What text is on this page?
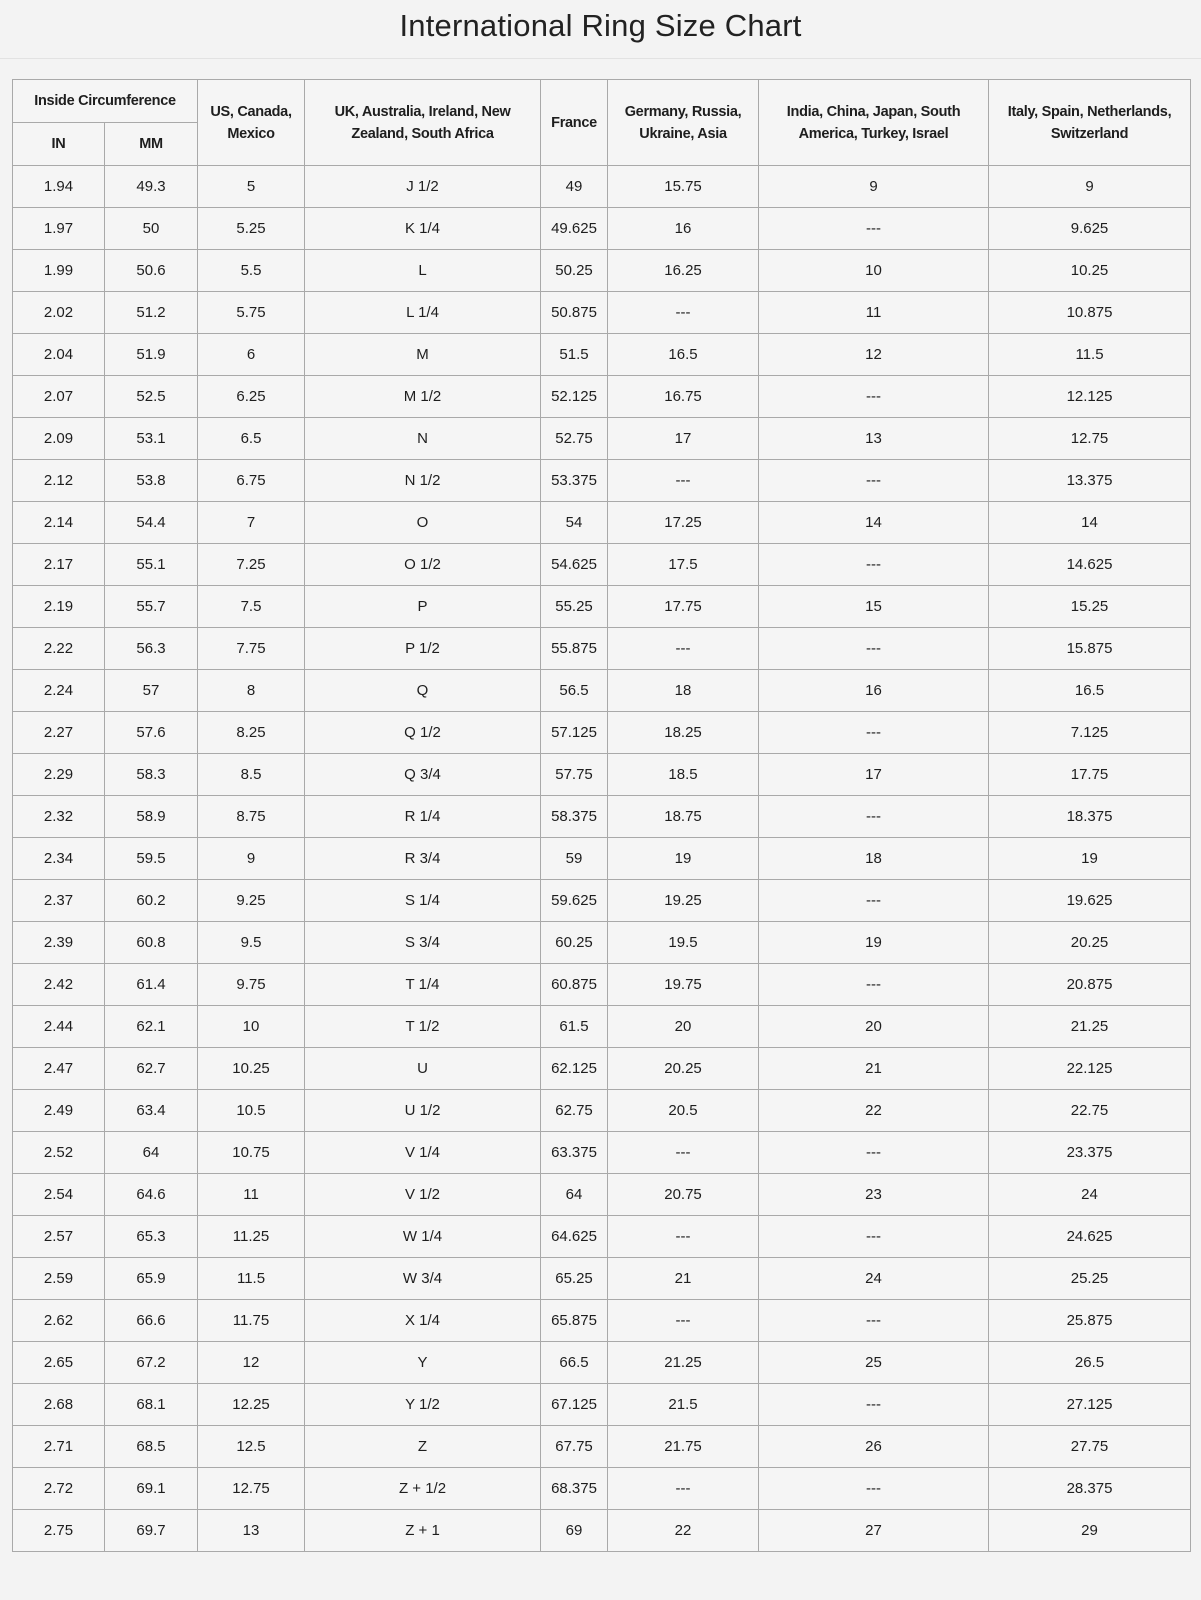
International Ring Size Chart
Inside Circumference		US, Canada, Mexico	UK, Australia, Ireland, New Zealand, South Africa	France	Germany, Russia, Ukraine, Asia	India, China, Japan, South America, Turkey, Israel	Italy, Spain, Netherlands, Switzerland
IN	MM						
1.94	49.3	5	J 1/2	49	15.75	9	9
1.97	50	5.25	K 1/4	49.625	16	---	9.625
1.99	50.6	5.5	L	50.25	16.25	10	10.25
2.02	51.2	5.75	L 1/4	50.875	---	11	10.875
2.04	51.9	6	M	51.5	16.5	12	11.5
2.07	52.5	6.25	M 1/2	52.125	16.75	---	12.125
2.09	53.1	6.5	N	52.75	17	13	12.75
2.12	53.8	6.75	N 1/2	53.375	---	---	13.375
2.14	54.4	7	O	54	17.25	14	14
2.17	55.1	7.25	O 1/2	54.625	17.5	---	14.625
2.19	55.7	7.5	P	55.25	17.75	15	15.25
2.22	56.3	7.75	P 1/2	55.875	---	---	15.875
2.24	57	8	Q	56.5	18	16	16.5
2.27	57.6	8.25	Q 1/2	57.125	18.25	---	7.125
2.29	58.3	8.5	Q 3/4	57.75	18.5	17	17.75
2.32	58.9	8.75	R 1/4	58.375	18.75	---	18.375
2.34	59.5	9	R 3/4	59	19	18	19
2.37	60.2	9.25	S 1/4	59.625	19.25	---	19.625
2.39	60.8	9.5	S 3/4	60.25	19.5	19	20.25
2.42	61.4	9.75	T 1/4	60.875	19.75	---	20.875
2.44	62.1	10	T 1/2	61.5	20	20	21.25
2.47	62.7	10.25	U	62.125	20.25	21	22.125
2.49	63.4	10.5	U 1/2	62.75	20.5	22	22.75
2.52	64	10.75	V 1/4	63.375	---	---	23.375
2.54	64.6	11	V 1/2	64	20.75	23	24
2.57	65.3	11.25	W 1/4	64.625	---	---	24.625
2.59	65.9	11.5	W 3/4	65.25	21	24	25.25
2.62	66.6	11.75	X 1/4	65.875	---	---	25.875
2.65	67.2	12	Y	66.5	21.25	25	26.5
2.68	68.1	12.25	Y 1/2	67.125	21.5	---	27.125
2.71	68.5	12.5	Z	67.75	21.75	26	27.75
2.72	69.1	12.75	Z + 1/2	68.375	---	---	28.375
2.75	69.7	13	Z + 1	69	22	27	29
